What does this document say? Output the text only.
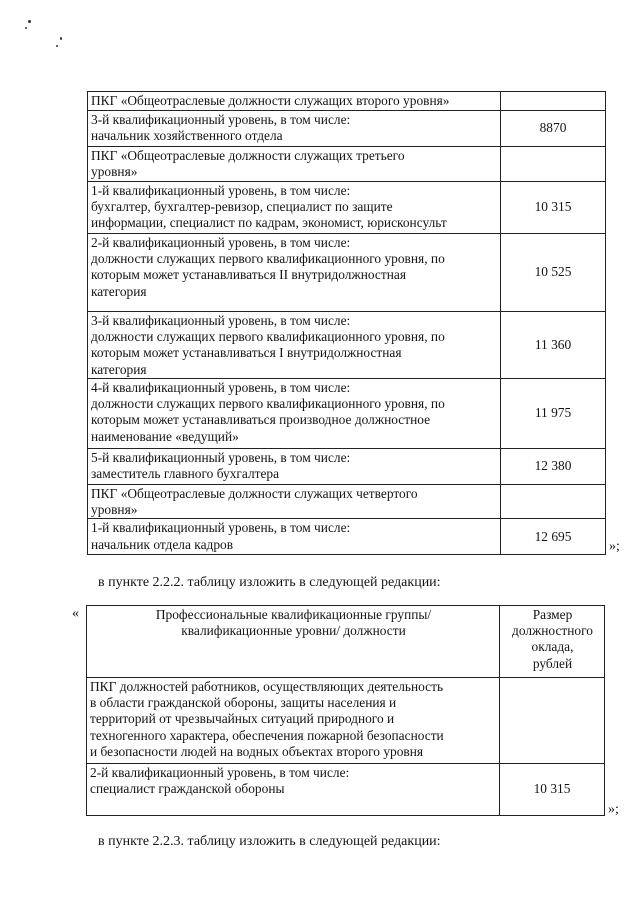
ПКГ «Общеотраслевые должности служащих второго уровня»	

3-й квалификационный уровень, в том числе:
начальник хозяйственного отдела	8870

ПКГ «Общеотраслевые должности служащих третьего
уровня»	

1-й квалификационный уровень, в том числе:
бухгалтер, бухгалтер-ревизор, специалист по защите
информации, специалист по кадрам, экономист, юрисконсульт	10 315

2-й квалификационный уровень, в том числе:
должности служащих первого квалификационного уровня, по
которым может устанавливаться II внутридолжностная
категория	10 525

3-й квалификационный уровень, в том числе:
должности служащих первого квалификационного уровня, по
которым может устанавливаться I внутридолжностная
категория	11 360

4-й квалификационный уровень, в том числе:
должности служащих первого квалификационного уровня, по
которым может устанавливаться производное должностное
наименование «ведущий»	11 975

5-й квалификационный уровень, в том числе:
заместитель главного бухгалтера	12 380

ПКГ «Общеотраслевые должности служащих четвертого
уровня»	

1-й квалификационный уровень, в том числе:
начальник отдела кадров	12 695
»;
в пункте 2.2.2. таблицу изложить в следующей редакции:
«	Профессиональные квалификационные группы/
квалификационные уровни/ должности	Размер
должностного
оклада,
рублей

ПКГ должностей работников, осуществляющих деятельность
в области гражданской обороны, защиты населения и
территорий от чрезвычайных ситуаций природного и
техногенного характера, обеспечения пожарной безопасности
и безопасности людей на водных объектах второго уровня	

2-й квалификационный уровень, в том числе:
специалист гражданской обороны	10 315
»;
в пункте 2.2.3. таблицу изложить в следующей редакции:
